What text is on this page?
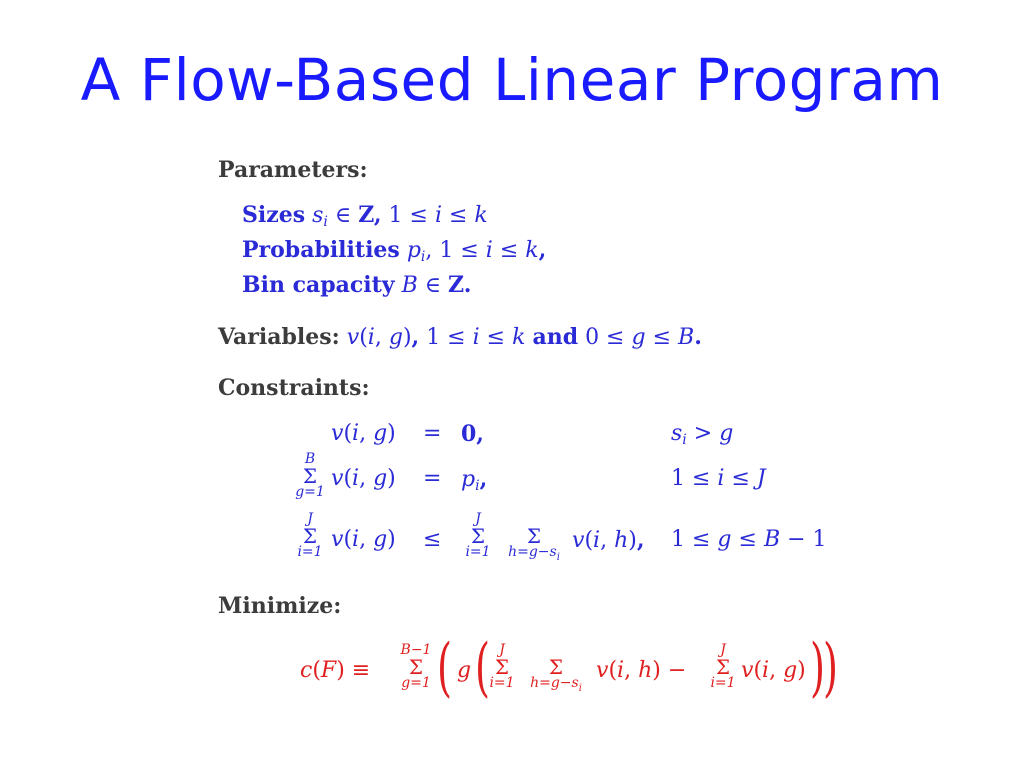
A Flow-Based Linear Program
Parameters:
Sizes $s_i$ ∈ Z, 1 ≤ i ≤ k
Probabilities $p_i$, 1 ≤ i ≤ k,
Bin capacity B ∈ Z.
Variables: v(i, g), 1 ≤ i ≤ k and 0 ≤ g ≤ B.
Constraints:
v(i, g) = 0,	$s_i > g$
B
Σ
g=1
v(i, $g) = p_i$,	1 ≤ i ≤ J
J
Σ
i=1 v(i, g) ≤
J
Σ
i=1
Σ
$h=g-s_i$
v(i, h), 1 ≤ g ≤ B − 1
Minimize:
c(F) ≡
B−1
Σ
g=1 ( g ( J
Σ
i=1
Σ
$h=g-s_i$
v(i, h) −
J
Σ
i=1 v(i, g) )
)
